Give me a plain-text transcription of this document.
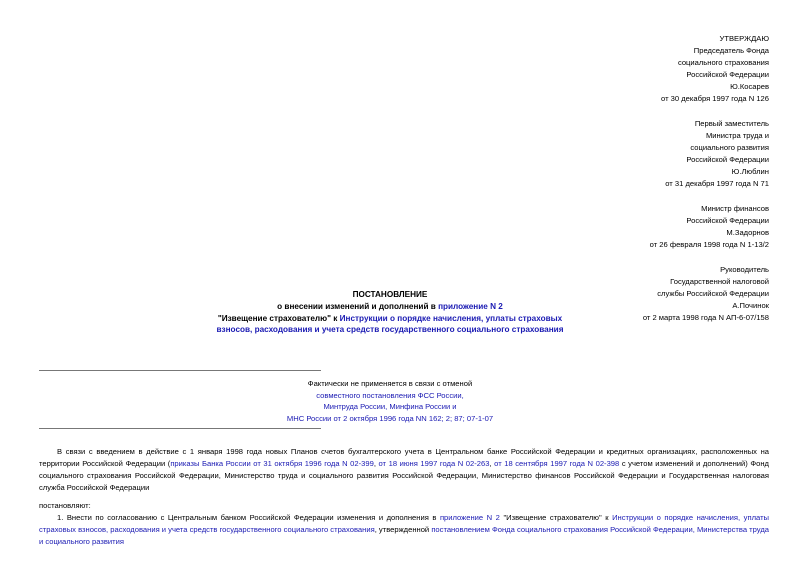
УТВЕРЖДАЮ
Председатель Фонда
социального страхования
Российской Федерации
Ю.Косарев
от 30 декабря 1997 года N 126
Первый заместитель
Министра труда и
социального развития
Российской Федерации
Ю.Люблин
от 31 декабря 1997 года N 71
Министр финансов
Российской Федерации
М.Задорнов
от 26 февраля 1998 года N 1-13/2
Руководитель
Государственной налоговой
службы Российской Федерации
А.Починок
от 2 марта 1998 года N АП-6-07/158
ПОСТАНОВЛЕНИЕ
о внесении изменений и дополнений в приложение N 2
"Извещение страхователю" к Инструкции о порядке начисления, уплаты страховых взносов, расходования и учета средств государственного социального страхования
Фактически не применяется в связи с отменой
совместного постановления ФСС России,
Минтруда России, Минфина России и
МНС России от 2 октября 1996 года NN 162; 2; 87; 07-1-07
В связи с введением в действие с 1 января 1998 года новых Планов счетов бухгалтерского учета в Центральном банке Российской Федерации и кредитных организациях, расположенных на территории Российской Федерации (приказы Банка России от 31 октября 1996 года N 02-399, от 18 июня 1997 года N 02-263, от 18 сентября 1997 года N 02-398 с учетом изменений и дополнений) Фонд социального страхования Российской Федерации, Министерство труда и социального развития Российской Федерации, Министерство финансов Российской Федерации и Государственная налоговая служба Российской Федерации
постановляют:
1. Внести по согласованию с Центральным банком Российской Федерации изменения и дополнения в приложение N 2 "Извещение страхователю" к Инструкции о порядке начисления, уплаты страховых взносов, расходования и учета средств государственного социального страхования, утвержденной постановлением Фонда социального страхования Российской Федерации, Министерства труда и социального развития
